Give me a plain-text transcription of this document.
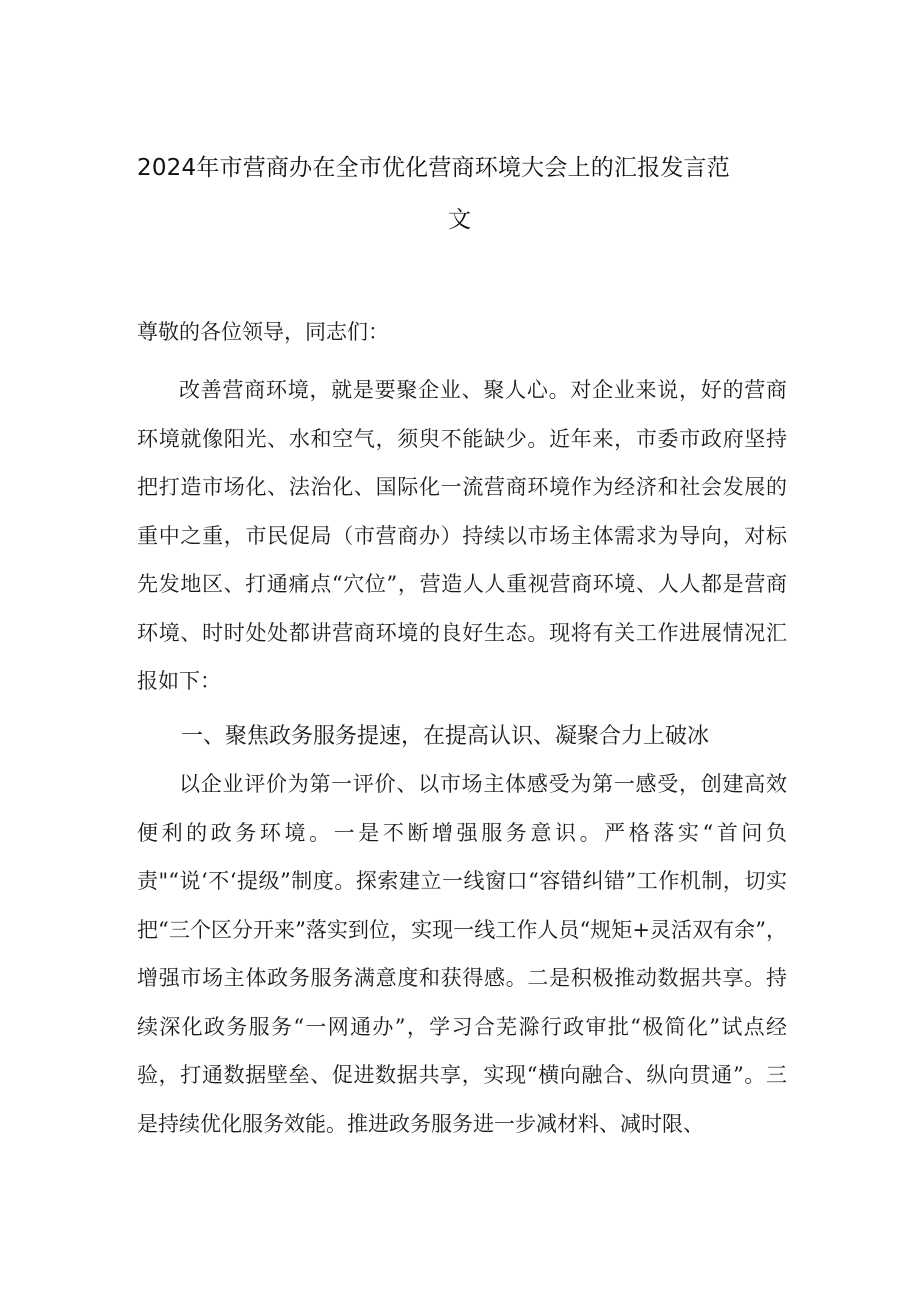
2024年市营商办在全市优化营商环境大会上的汇报发言范
文
尊敬的各位领导，同志们：

改善营商环境，就是要聚企业、聚人心。对企业来说，好的营商环境就像阳光、水和空气，须臾不能缺少。近年来，市委市政府坚持把打造市场化、法治化、国际化一流营商环境作为经济和社会发展的重中之重，市民促局（市营商办）持续以市场主体需求为导向，对标先发地区、打通痛点“穴位”，营造人人重视营商环境、人人都是营商环境、时时处处都讲营商环境的良好生态。现将有关工作进展情况汇报如下：

一、聚焦政务服务提速，在提高认识、凝聚合力上破冰

以企业评价为第一评价、以市场主体感受为第一感受，创建高效便利的政务环境。一是不断增强服务意识。严格落实“首问负责"“说‘不‘提级”制度。探索建立一线窗口“容错纠错”工作机制，切实把“三个区分开来”落实到位，实现一线工作人员“规矩+灵活双有余”，增强市场主体政务服务满意度和获得感。二是积极推动数据共享。持续深化政务服务“一网通办”，学习合芜滁行政审批“极简化”试点经验，打通数据壁垒、促进数据共享，实现“横向融合、纵向贯通”。三是持续优化服务效能。推进政务服务进一步减材料、减时限、
